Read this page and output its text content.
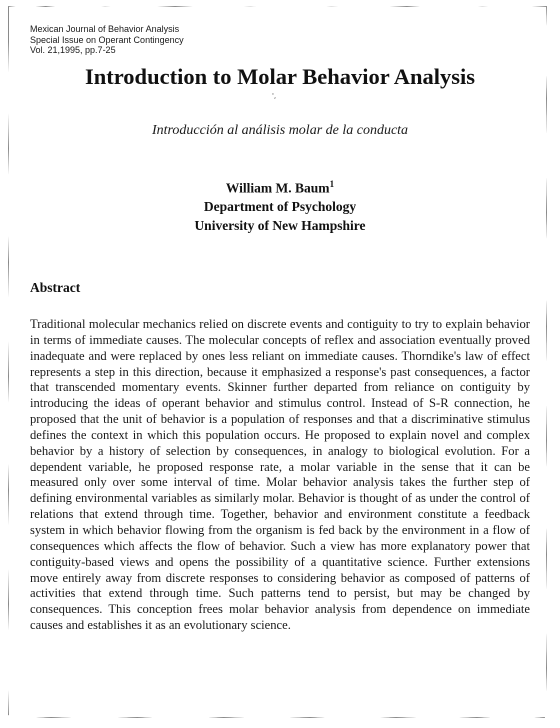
Mexican Journal of Behavior Analysis
Special Issue on Operant Contingency
Vol. 21,1995, pp.7-25
Introduction to Molar Behavior Analysis
'‚
Introducción al análisis molar de la conducta
William M. Baum$^1$
Department of Psychology
University of New Hampshire
Abstract
Traditional molecular mechanics relied on discrete events and contiguity to try to explain behavior in terms of immediate causes. The molecular concepts of reflex and association eventually proved inadequate and were replaced by ones less reliant on immediate causes. Thorndike's law of effect represents a step in this direction, because it emphasized a response's past consequences, a factor that transcended momentary events. Skinner further departed from reliance on contiguity by introducing the ideas of operant behavior and stimulus control. Instead of S-R connection, he proposed that the unit of behavior is a population of responses and that a discriminative stimulus defines the context in which this population occurs. He proposed to explain novel and complex behavior by a history of selection by consequences, in analogy to biological evolution. For a dependent variable, he proposed response rate, a molar variable in the sense that it can be measured only over some interval of time. Molar behavior analysis takes the further step of defining environmental variables as similarly molar. Behavior is thought of as under the control of relations that extend through time. Together, behavior and environment constitute a feedback system in which behavior flowing from the organism is fed back by the environment in a flow of consequences which affects the flow of behavior. Such a view has more explanatory power that contiguity-based views and opens the possibility of a quantitative science. Further extensions move entirely away from discrete responses to considering behavior as composed of patterns of activities that extend through time. Such patterns tend to persist, but may be changed by consequences. This conception frees molar behavior analysis from dependence on immediate causes and establishes it as an evolutionary science.
